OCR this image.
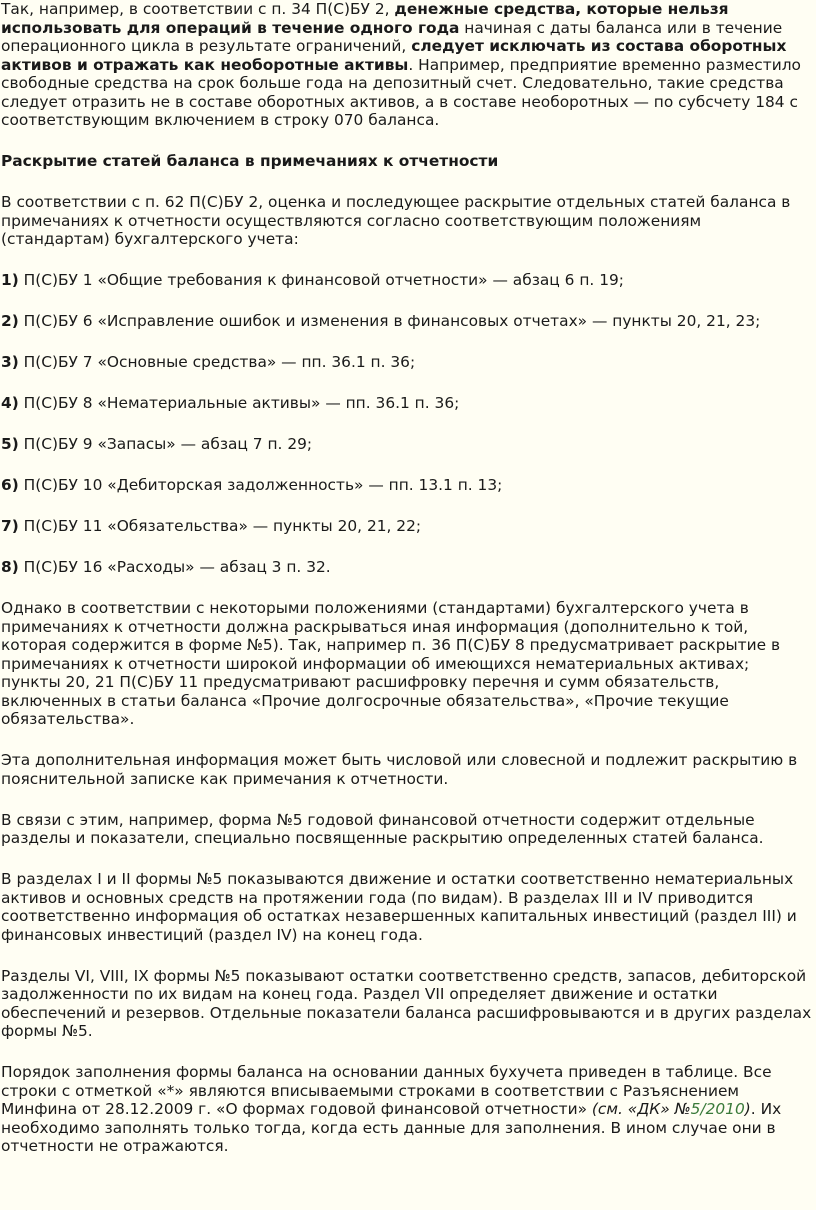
Так, например, в соответствии с п. 34 П(С)БУ 2, денежные средства, которые нельзя использовать для операций в течение одного года начиная с даты баланса или в течение операционного цикла в результате ограничений, следует исключать из состава оборотных активов и отражать как необоротные активы. Например, предприятие временно разместило свободные средства на срок больше года на депозитный счет. Следовательно, такие средства следует отразить не в составе оборотных активов, а в составе необоротных — по субсчету 184 с соответствующим включением в строку 070 баланса.

Раскрытие статей баланса в примечаниях к отчетности

В соответствии с п. 62 П(С)БУ 2, оценка и последующее раскрытие отдельных статей баланса в примечаниях к отчетности осуществляются согласно соответствующим положениям (стандартам) бухгалтерского учета:

1) П(С)БУ 1 «Общие требования к финансовой отчетности» — абзац 6 п. 19;

2) П(С)БУ 6 «Исправление ошибок и изменения в финансовых отчетах» — пункты 20, 21, 23;

3) П(С)БУ 7 «Основные средства» — пп. 36.1 п. 36;

4) П(С)БУ 8 «Нематериальные активы» — пп. 36.1 п. 36;

5) П(С)БУ 9 «Запасы» — абзац 7 п. 29;

6) П(С)БУ 10 «Дебиторская задолженность» — пп. 13.1 п. 13;

7) П(С)БУ 11 «Обязательства» — пункты 20, 21, 22;

8) П(С)БУ 16 «Расходы» — абзац 3 п. 32.

Однако в соответствии с некоторыми положениями (стандартами) бухгалтерского учета в примечаниях к отчетности должна раскрываться иная информация (дополнительно к той, которая содержится в форме №5). Так, например п. 36 П(С)БУ 8 предусматривает раскрытие в примечаниях к отчетности широкой информации об имеющихся нематериальных активах; пункты 20, 21 П(С)БУ 11 предусматривают расшифровку перечня и сумм обязательств, включенных в статьи баланса «Прочие долгосрочные обязательства», «Прочие текущие обязательства».

Эта дополнительная информация может быть числовой или словесной и подлежит раскрытию в пояснительной записке как примечания к отчетности.

В связи с этим, например, форма №5 годовой финансовой отчетности содержит отдельные разделы и показатели, специально посвященные раскрытию определенных статей баланса.

В разделах I и II формы №5 показываются движение и остатки соответственно нематериальных активов и основных средств на протяжении года (по видам). В разделах III и IV приводится соответственно информация об остатках незавершенных капитальных инвестиций (раздел III) и финансовых инвестиций (раздел IV) на конец года.

Разделы VI, VIII, IX формы №5 показывают остатки соответственно средств, запасов, дебиторской задолженности по их видам на конец года. Раздел VII определяет движение и остатки обеспечений и резервов. Отдельные показатели баланса расшифровываются и в других разделах формы №5.

Порядок заполнения формы баланса на основании данных бухучета приведен в таблице. Все строки с отметкой «*» являются вписываемыми строками в соответствии с Разъяснением Минфина от 28.12.2009 г. «О формах годовой финансовой отчетности» (см. «ДК» №5/2010). Их необходимо заполнять только тогда, когда есть данные для заполнения. В ином случае они в отчетности не отражаются.
